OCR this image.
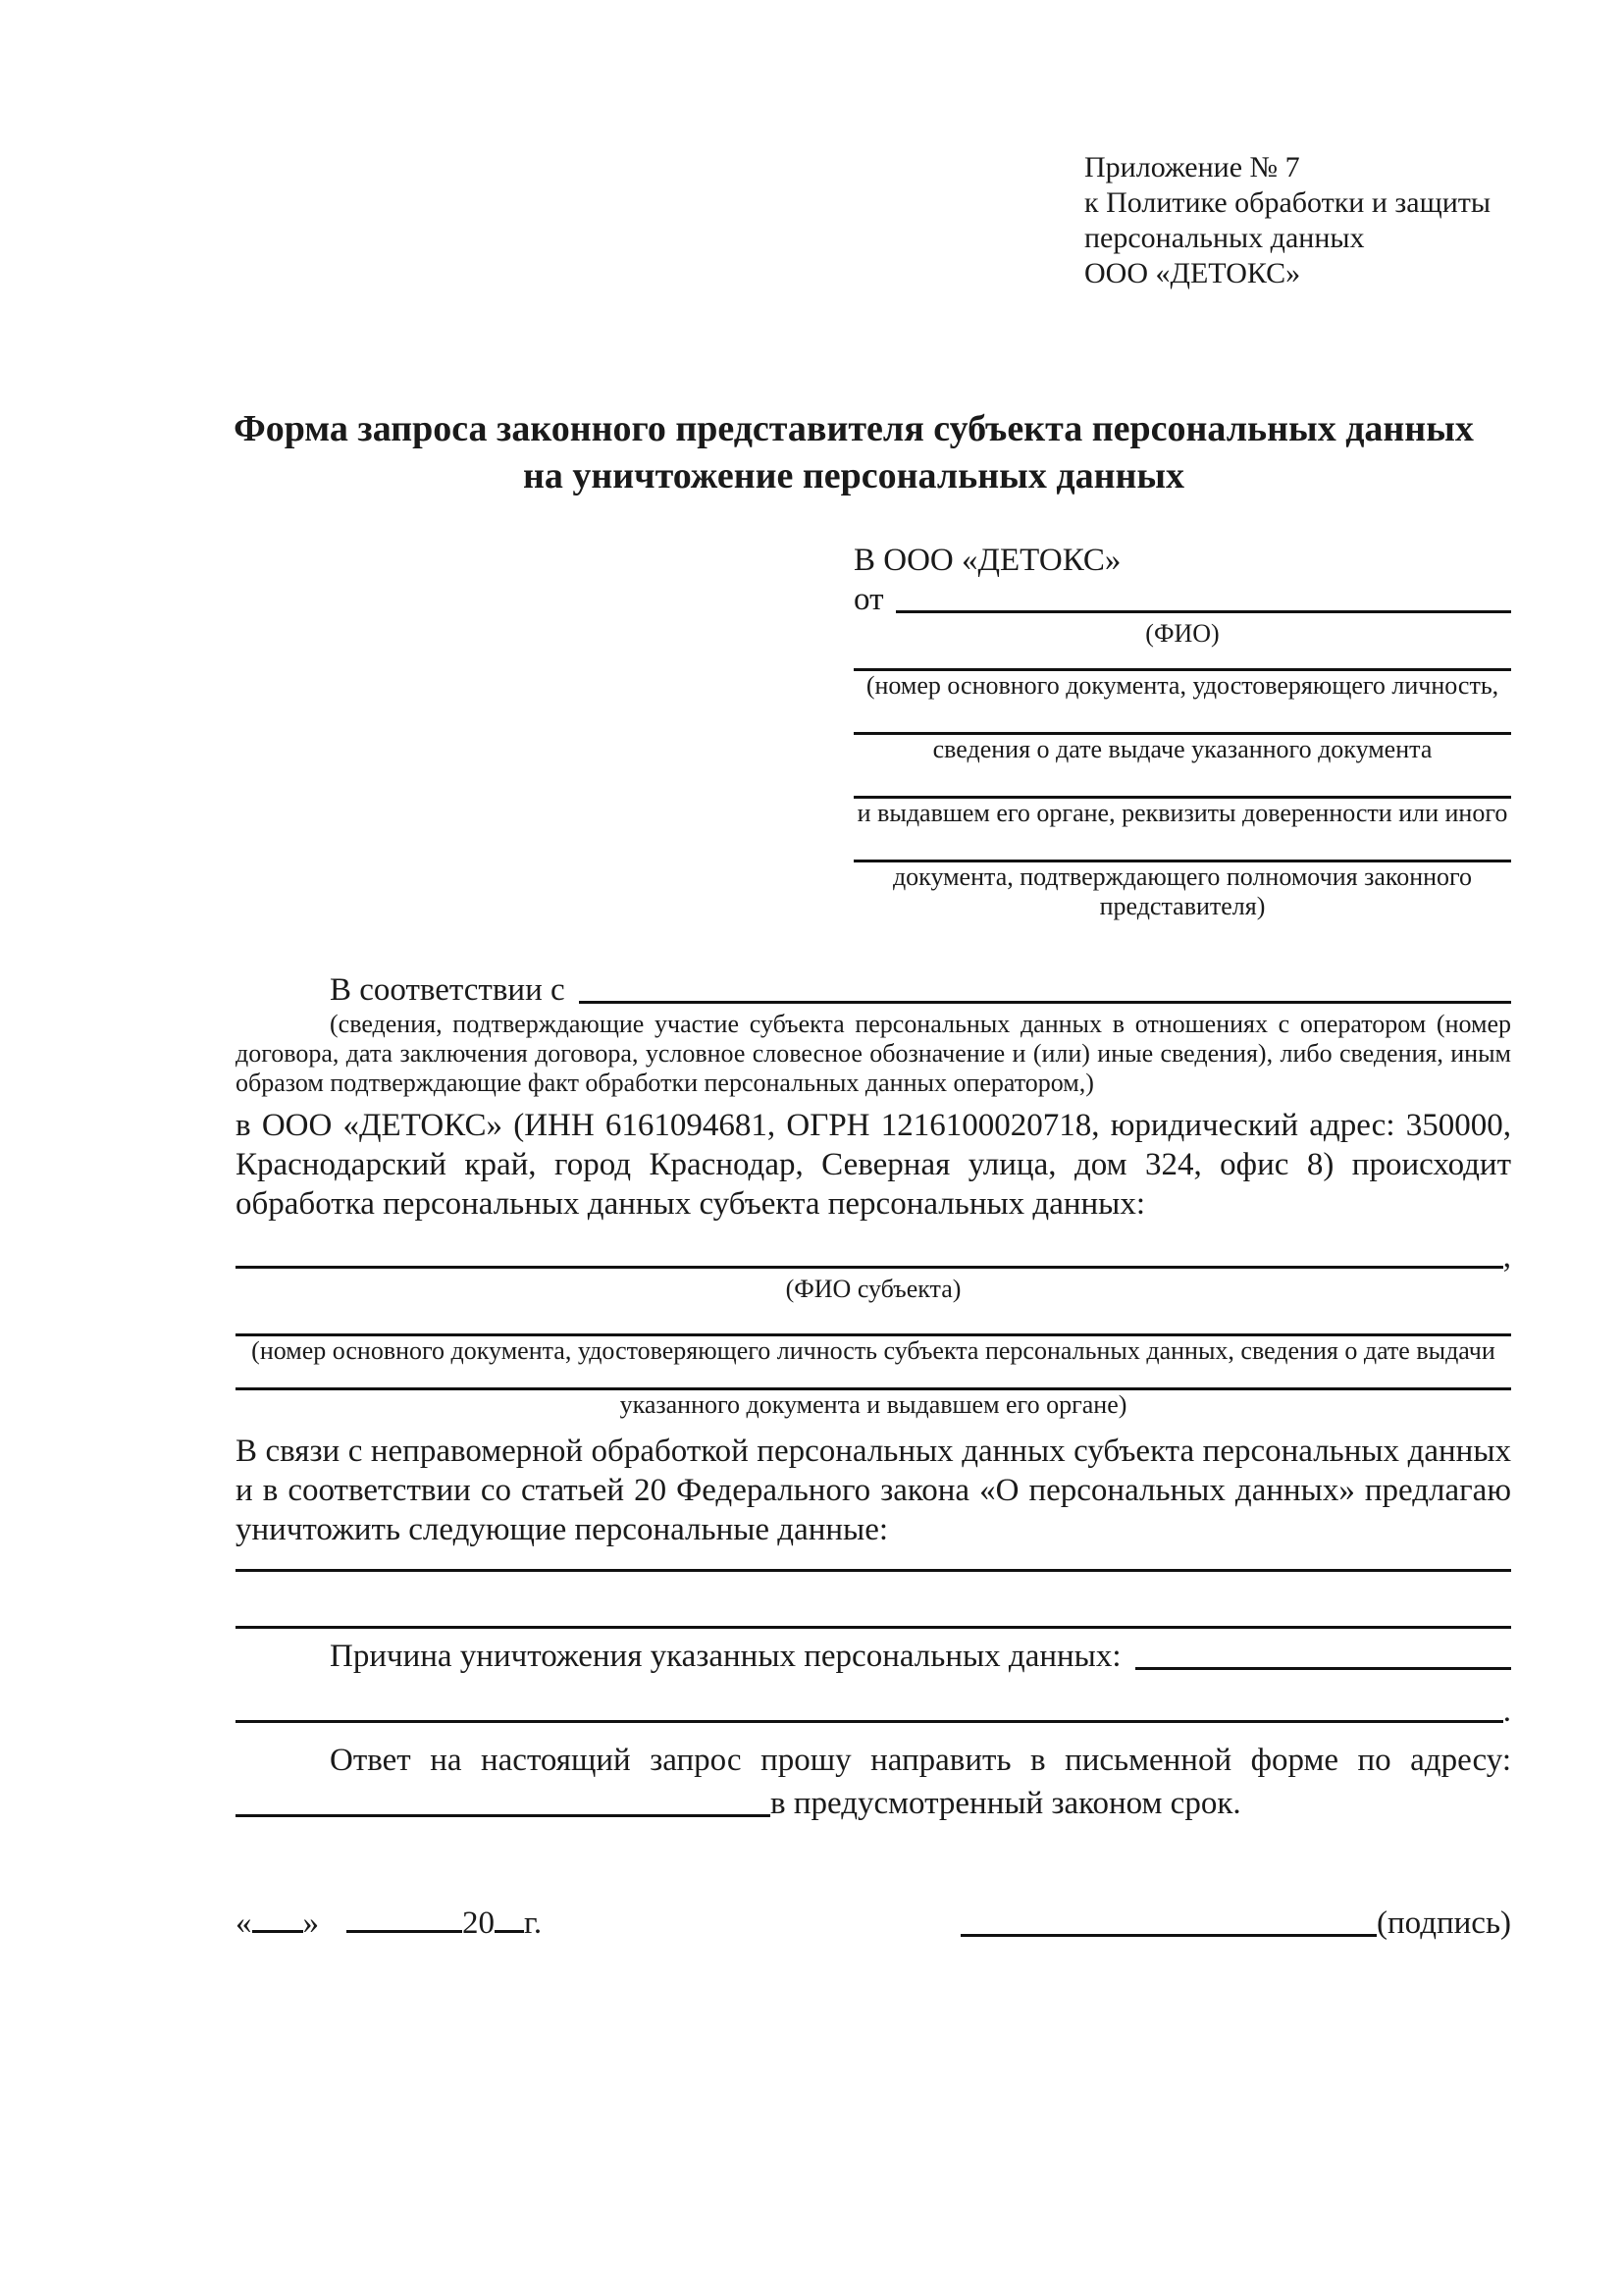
Приложение № 7
к Политике обработки и защиты
персональных данных
ООО «ДЕТОКС»
Форма запроса законного представителя субъекта персональных данных
на уничтожение персональных данных
В ООО «ДЕТОКС»
от
(ФИО)
(номер основного документа, удостоверяющего личность,
сведения о дате выдаче указанного документа
и выдавшем его органе, реквизиты доверенности или иного
документа, подтверждающего полномочия законного представителя)
В соответствии с
(сведения, подтверждающие участие субъекта персональных данных в отношениях с оператором (номер договора, дата заключения договора, условное словесное обозначение и (или) иные сведения), либо сведения, иным образом подтверждающие факт обработки персональных данных оператором,)
в ООО «ДЕТОКС» (ИНН 6161094681, ОГРН 1216100020718, юридический адрес: 350000, Краснодарский край, город Краснодар, Северная улица, дом 324, офис 8) происходит обработка персональных данных субъекта персональных данных:
,
(ФИО субъекта)
(номер основного документа, удостоверяющего личность субъекта персональных данных, сведения о дате выдачи
указанного документа и выдавшем его органе)
В связи с неправомерной обработкой персональных данных субъекта персональных данных и в соответствии со статьей 20 Федерального закона «О персональных данных» предлагаю уничтожить следующие персональные данные:
Причина уничтожения указанных персональных данных:
.
Ответ на настоящий запрос прошу направить в письменной форме по адресу:
в предусмотренный законом срок.
« »	20 г.	(подпись)
